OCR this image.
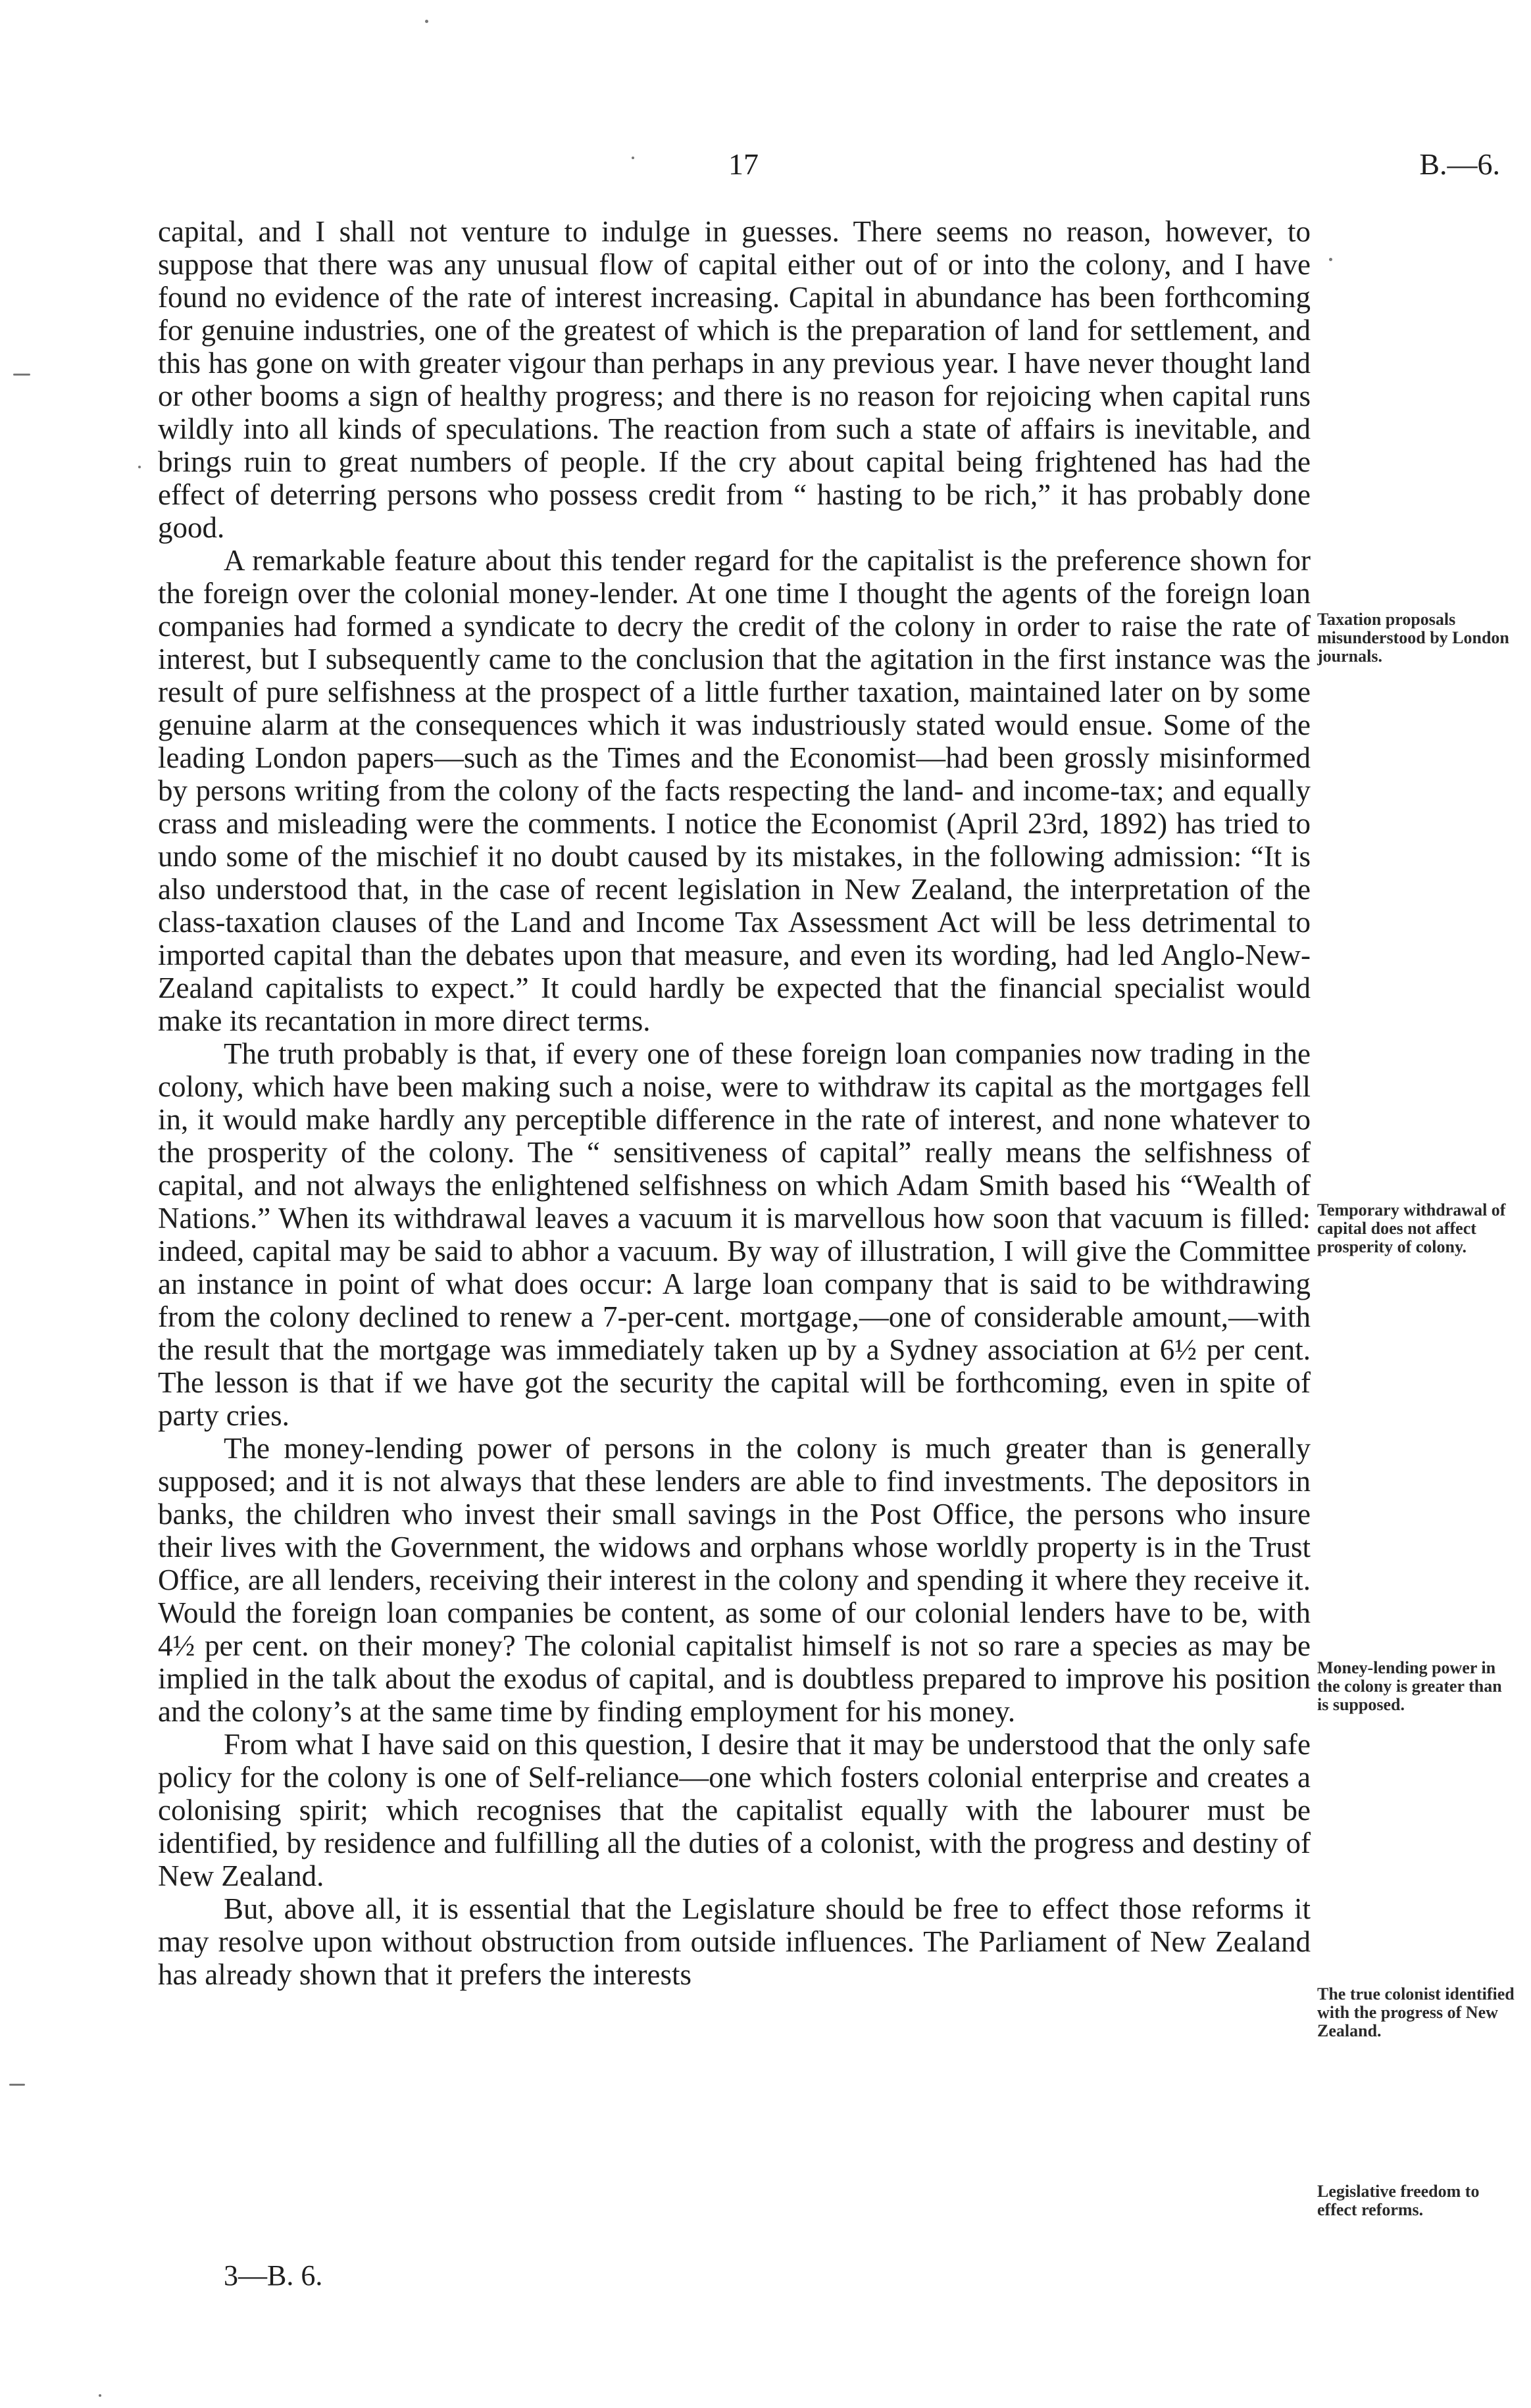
17	B.—6.

capital, and I shall not venture to indulge in guesses. There seems no reason, however, to suppose that there was any unusual flow of capital either out of or into the colony, and I have found no evidence of the rate of interest increasing. Capital in abundance has been forthcoming for genuine industries, one of the greatest of which is the preparation of land for settlement, and this has gone on with greater vigour than perhaps in any previous year. I have never thought land or other booms a sign of healthy progress; and there is no reason for rejoicing when capital runs wildly into all kinds of speculations. The reaction from such a state of affairs is inevitable, and brings ruin to great numbers of people. If the cry about capital being frightened has had the effect of deterring persons who possess credit from “ hasting to be rich,” it has probably done good.

A remarkable feature about this tender regard for the capitalist is the preference shown for the foreign over the colonial money-lender. At one time I thought the agents of the foreign loan companies had formed a syndicate to decry the credit of the colony in order to raise the rate of interest, but I subsequently came to the conclusion that the agitation in the first instance was the result of pure selfishness at the prospect of a little further taxation, maintained later on by some genuine alarm at the consequences which it was industriously stated would ensue. Some of the leading London papers—such as the Times and the Economist—had been grossly misinformed by persons writing from the colony of the facts respecting the land- and income-tax; and equally crass and misleading were the comments. I notice the Economist (April 23rd, 1892) has tried to undo some of the mischief it no doubt caused by its mistakes, in the following admission: “It is also understood that, in the case of recent legislation in New Zealand, the interpretation of the class-taxation clauses of the Land and Income Tax Assessment Act will be less detrimental to imported capital than the debates upon that measure, and even its wording, had led Anglo-New-Zealand capitalists to expect.” It could hardly be expected that the financial specialist would make its recantation in more direct terms.

The truth probably is that, if every one of these foreign loan companies now trading in the colony, which have been making such a noise, were to withdraw its capital as the mortgages fell in, it would make hardly any perceptible difference in the rate of interest, and none whatever to the prosperity of the colony. The “ sensitiveness of capital” really means the selfishness of capital, and not always the enlightened selfishness on which Adam Smith based his “Wealth of Nations.” When its withdrawal leaves a vacuum it is marvellous how soon that vacuum is filled: indeed, capital may be said to abhor a vacuum. By way of illustration, I will give the Committee an instance in point of what does occur: A large loan company that is said to be withdrawing from the colony declined to renew a 7-per-cent. mortgage,—one of considerable amount,—with the result that the mortgage was immediately taken up by a Sydney association at 6½ per cent. The lesson is that if we have got the security the capital will be forthcoming, even in spite of party cries.

The money-lending power of persons in the colony is much greater than is generally supposed; and it is not always that these lenders are able to find investments. The depositors in banks, the children who invest their small savings in the Post Office, the persons who insure their lives with the Government, the widows and orphans whose worldly property is in the Trust Office, are all lenders, receiving their interest in the colony and spending it where they receive it. Would the foreign loan companies be content, as some of our colonial lenders have to be, with 4½ per cent. on their money? The colonial capitalist himself is not so rare a species as may be implied in the talk about the exodus of capital, and is doubtless prepared to improve his position and the colony’s at the same time by finding employment for his money.

From what I have said on this question, I desire that it may be understood that the only safe policy for the colony is one of Self-reliance—one which fosters colonial enterprise and creates a colonising spirit; which recognises that the capitalist equally with the labourer must be identified, by residence and fulfilling all the duties of a colonist, with the progress and destiny of New Zealand.

But, above all, it is essential that the Legislature should be free to effect those reforms it may resolve upon without obstruction from outside influences. The Parliament of New Zealand has already shown that it prefers the interests

Taxation proposals misunderstood by London journals.
Temporary withdrawal of capital does not affect prosperity of colony.
Money-lending power in the colony is greater than is supposed.
The true colonist identified with the progress of New Zealand.
Legislative freedom to effect reforms.
3—B. 6.
